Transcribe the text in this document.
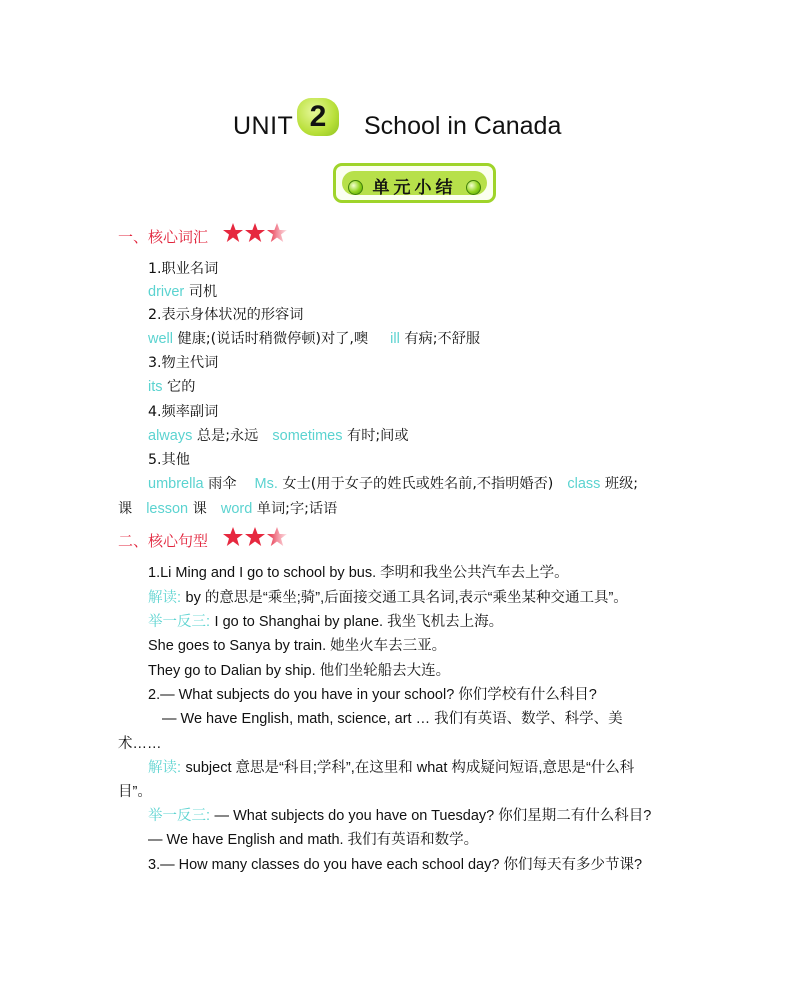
UNIT 2	School in Canada
单元小结
一、核心词汇
1.职业名词
driver 司机
2.表示身体状况的形容词
well 健康;(说话时稍微停顿)对了,噢 ill 有病;不舒服
3.物主代词
its 它的
4.频率副词
always 总是;永远 sometimes 有时;间或
5.其他
umbrella 雨伞 Ms. 女士(用于女子的姓氏或姓名前,不指明婚否) class 班级;
课 lesson 课 word 单词;字;话语
二、核心句型
1.Li Ming and I go to school by bus. 李明和我坐公共汽车去上学。
解读: by 的意思是“乘坐;骑”,后面接交通工具名词,表示“乘坐某种交通工具”。
举一反三: I go to Shanghai by plane. 我坐飞机去上海。
She goes to Sanya by train. 她坐火车去三亚。
They go to Dalian by ship. 他们坐轮船去大连。
2.— What subjects do you have in your school? 你们学校有什么科目?
— We have English, math, science, art … 我们有英语、数学、科学、美
术……
解读: subject 意思是“科目;学科”,在这里和 what 构成疑问短语,意思是“什么科
目”。
举一反三: — What subjects do you have on Tuesday? 你们星期二有什么科目?
— We have English and math. 我们有英语和数学。
3.— How many classes do you have each school day? 你们每天有多少节课?
